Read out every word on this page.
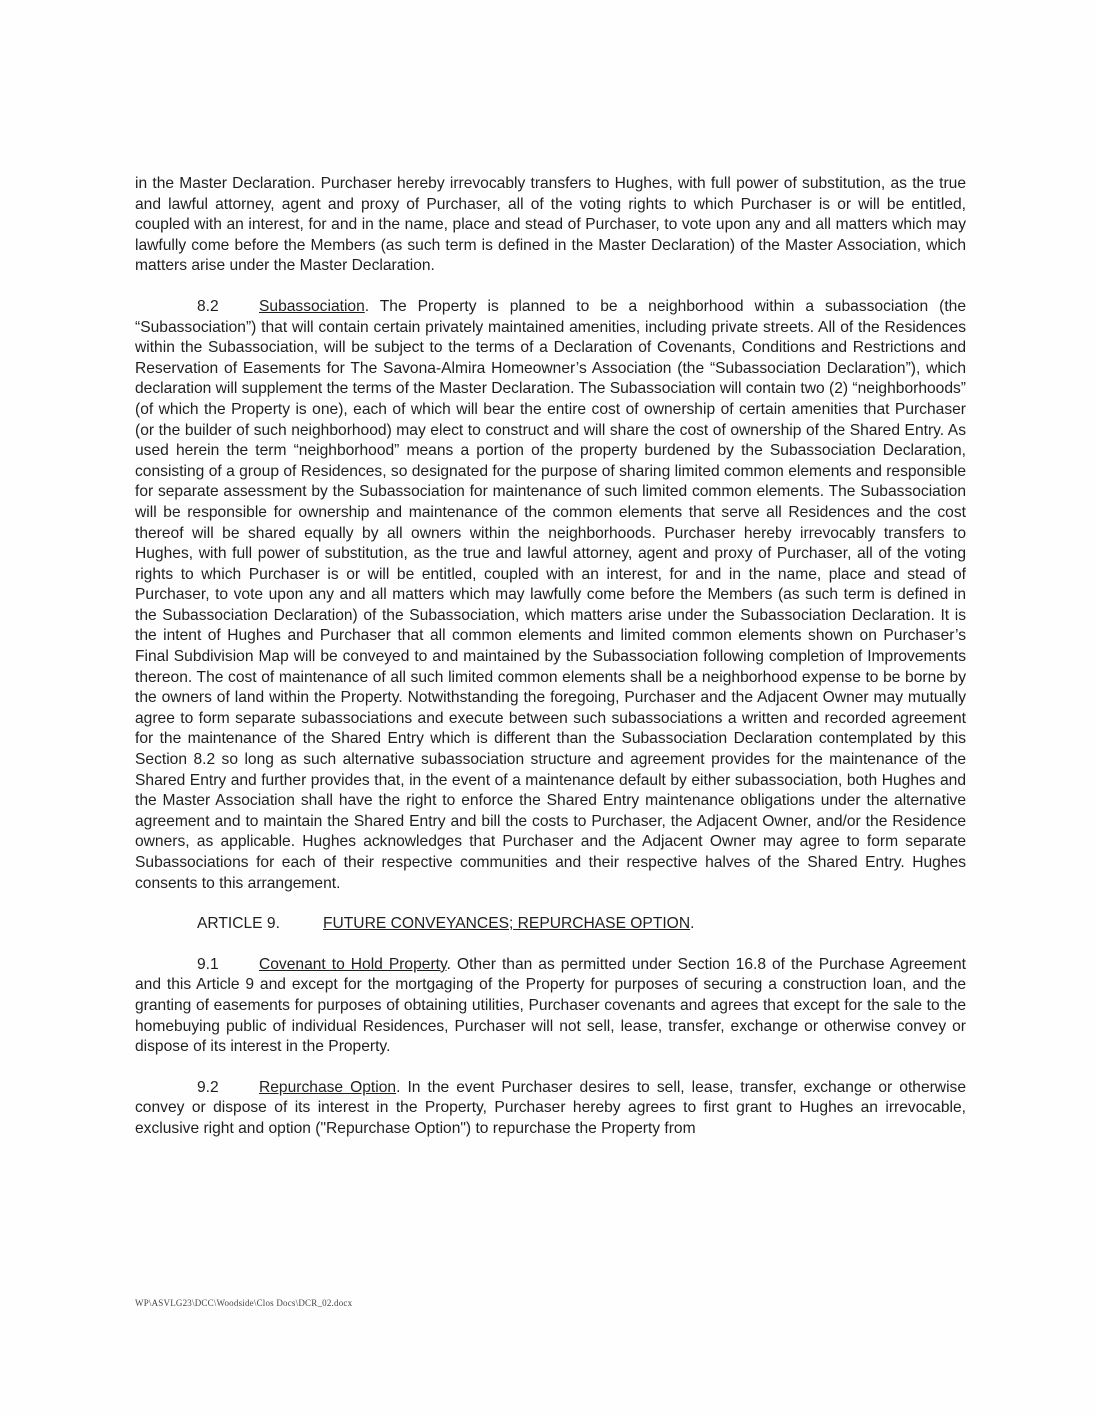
in the Master Declaration. Purchaser hereby irrevocably transfers to Hughes, with full power of substitution, as the true and lawful attorney, agent and proxy of Purchaser, all of the voting rights to which Purchaser is or will be entitled, coupled with an interest, for and in the name, place and stead of Purchaser, to vote upon any and all matters which may lawfully come before the Members (as such term is defined in the Master Declaration) of the Master Association, which matters arise under the Master Declaration.

8.2	Subassociation. The Property is planned to be a neighborhood within a subassociation (the “Subassociation”) that will contain certain privately maintained amenities, including private streets. All of the Residences within the Subassociation, will be subject to the terms of a Declaration of Covenants, Conditions and Restrictions and Reservation of Easements for The Savona-Almira Homeowner’s Association (the “Subassociation Declaration”), which declaration will supplement the terms of the Master Declaration. The Subassociation will contain two (2) “neighborhoods” (of which the Property is one), each of which will bear the entire cost of ownership of certain amenities that Purchaser (or the builder of such neighborhood) may elect to construct and will share the cost of ownership of the Shared Entry. As used herein the term “neighborhood” means a portion of the property burdened by the Subassociation Declaration, consisting of a group of Residences, so designated for the purpose of sharing limited common elements and responsible for separate assessment by the Subassociation for maintenance of such limited common elements. The Subassociation will be responsible for ownership and maintenance of the common elements that serve all Residences and the cost thereof will be shared equally by all owners within the neighborhoods. Purchaser hereby irrevocably transfers to Hughes, with full power of substitution, as the true and lawful attorney, agent and proxy of Purchaser, all of the voting rights to which Purchaser is or will be entitled, coupled with an interest, for and in the name, place and stead of Purchaser, to vote upon any and all matters which may lawfully come before the Members (as such term is defined in the Subassociation Declaration) of the Subassociation, which matters arise under the Subassociation Declaration. It is the intent of Hughes and Purchaser that all common elements and limited common elements shown on Purchaser’s Final Subdivision Map will be conveyed to and maintained by the Subassociation following completion of Improvements thereon. The cost of maintenance of all such limited common elements shall be a neighborhood expense to be borne by the owners of land within the Property. Notwithstanding the foregoing, Purchaser and the Adjacent Owner may mutually agree to form separate subassociations and execute between such subassociations a written and recorded agreement for the maintenance of the Shared Entry which is different than the Subassociation Declaration contemplated by this Section 8.2 so long as such alternative subassociation structure and agreement provides for the maintenance of the Shared Entry and further provides that, in the event of a maintenance default by either subassociation, both Hughes and the Master Association shall have the right to enforce the Shared Entry maintenance obligations under the alternative agreement and to maintain the Shared Entry and bill the costs to Purchaser, the Adjacent Owner, and/or the Residence owners, as applicable. Hughes acknowledges that Purchaser and the Adjacent Owner may agree to form separate Subassociations for each of their respective communities and their respective halves of the Shared Entry. Hughes consents to this arrangement.

ARTICLE 9.	FUTURE CONVEYANCES; REPURCHASE OPTION.

9.1	Covenant to Hold Property. Other than as permitted under Section 16.8 of the Purchase Agreement and this Article 9 and except for the mortgaging of the Property for purposes of securing a construction loan, and the granting of easements for purposes of obtaining utilities, Purchaser covenants and agrees that except for the sale to the homebuying public of individual Residences, Purchaser will not sell, lease, transfer, exchange or otherwise convey or dispose of its interest in the Property.

9.2	Repurchase Option. In the event Purchaser desires to sell, lease, transfer, exchange or otherwise convey or dispose of its interest in the Property, Purchaser hereby agrees to first grant to Hughes an irrevocable, exclusive right and option ("Repurchase Option") to repurchase the Property from

WP\ASVLG23\DCC\Woodside\Clos Docs\DCR_02.docx
